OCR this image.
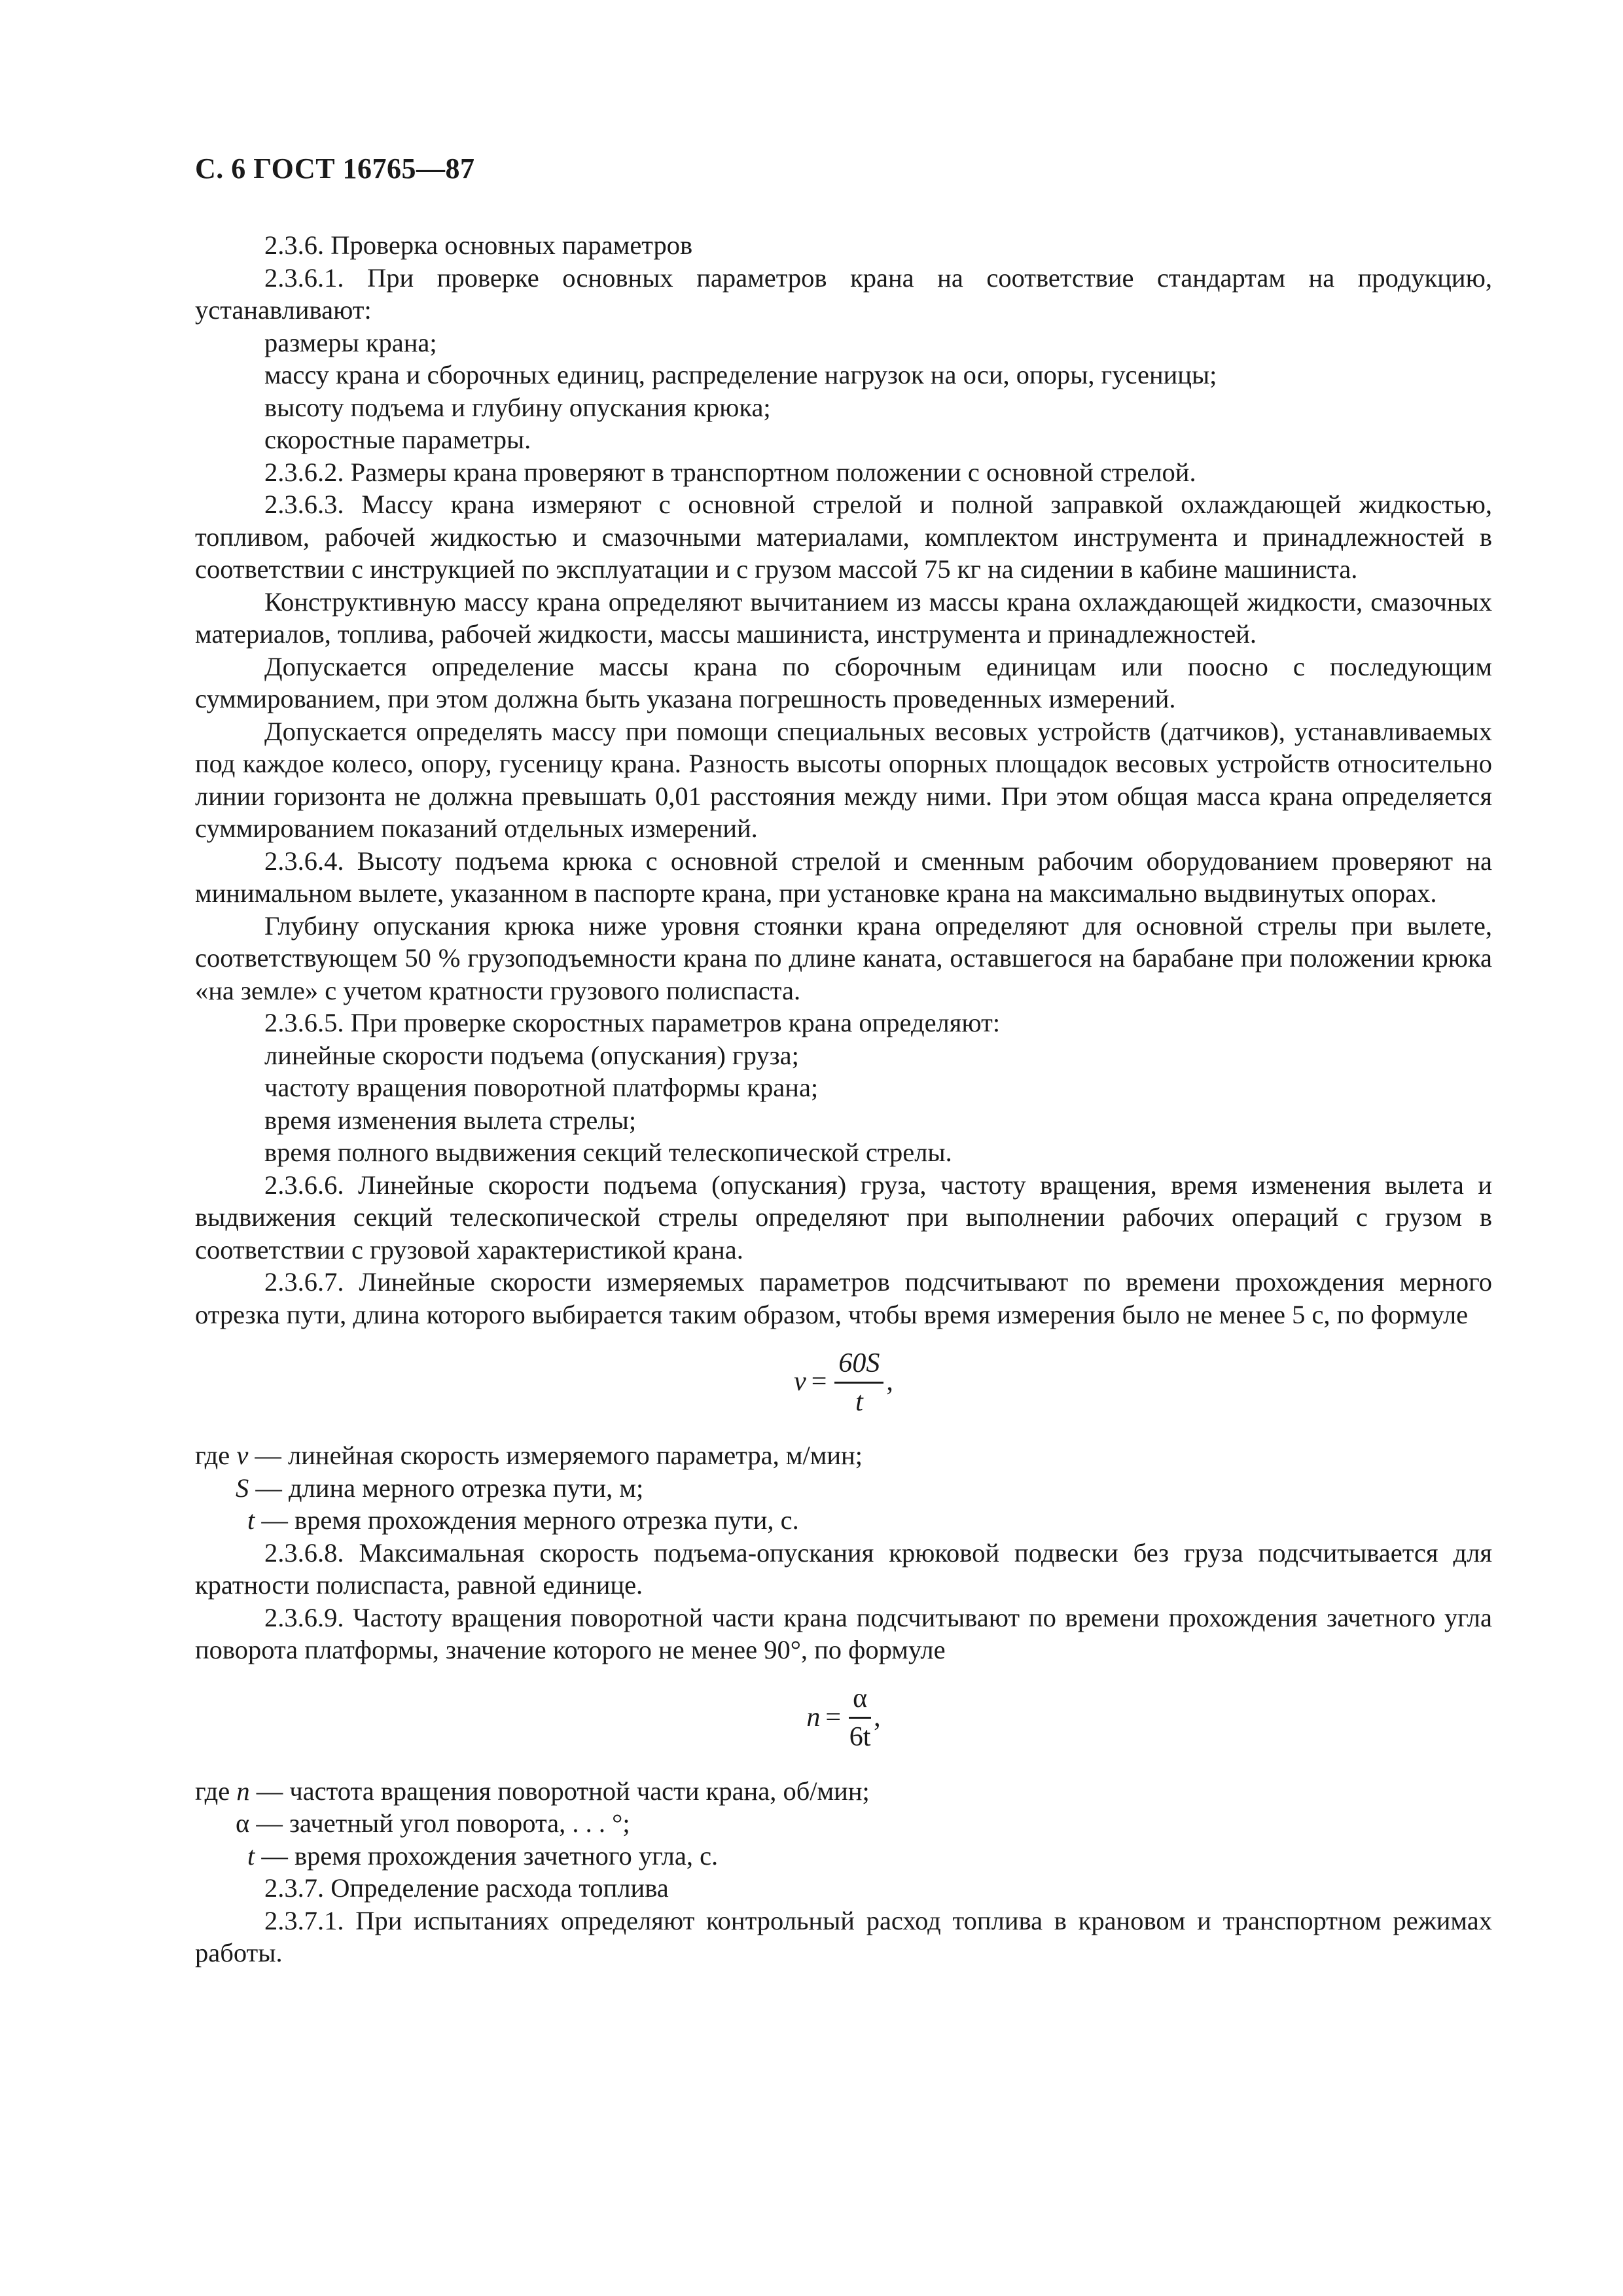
С. 6 ГОСТ 16765—87

2.3.6. Проверка основных параметров

2.3.6.1. При проверке основных параметров крана на соответствие стандартам на продукцию, устанавливают:

размеры крана;

массу крана и сборочных единиц, распределение нагрузок на оси, опоры, гусеницы;

высоту подъема и глубину опускания крюка;

скоростные параметры.

2.3.6.2. Размеры крана проверяют в транспортном положении с основной стрелой.

2.3.6.3. Массу крана измеряют с основной стрелой и полной заправкой охлаждающей жидкостью, топливом, рабочей жидкостью и смазочными материалами, комплектом инструмента и принадлежностей в соответствии с инструкцией по эксплуатации и с грузом массой 75 кг на сидении в кабине машиниста.

Конструктивную массу крана определяют вычитанием из массы крана охлаждающей жидкости, смазочных материалов, топлива, рабочей жидкости, массы машиниста, инструмента и принадлежностей.

Допускается определение массы крана по сборочным единицам или поосно с последующим суммированием, при этом должна быть указана погрешность проведенных измерений.

Допускается определять массу при помощи специальных весовых устройств (датчиков), устанавливаемых под каждое колесо, опору, гусеницу крана. Разность высоты опорных площадок весовых устройств относительно линии горизонта не должна превышать 0,01 расстояния между ними. При этом общая масса крана определяется суммированием показаний отдельных измерений.

2.3.6.4. Высоту подъема крюка с основной стрелой и сменным рабочим оборудованием проверяют на минимальном вылете, указанном в паспорте крана, при установке крана на максимально выдвинутых опорах.

Глубину опускания крюка ниже уровня стоянки крана определяют для основной стрелы при вылете, соответствующем 50 % грузоподъемности крана по длине каната, оставшегося на барабане при положении крюка «на земле» с учетом кратности грузового полиспаста.

2.3.6.5. При проверке скоростных параметров крана определяют:

линейные скорости подъема (опускания) груза;

частоту вращения поворотной платформы крана;

время изменения вылета стрелы;

время полного выдвижения секций телескопической стрелы.

2.3.6.6. Линейные скорости подъема (опускания) груза, частоту вращения, время изменения вылета и выдвижения секций телескопической стрелы определяют при выполнении рабочих операций с грузом в соответствии с грузовой характеристикой крана.

2.3.6.7. Линейные скорости измеряемых параметров подсчитывают по времени прохождения мерного отрезка пути, длина которого выбирается таким образом, чтобы время измерения было не менее 5 с, по формуле

$v = \frac{60S}{t}$ ,

где v — линейная скорость измеряемого параметра, м/мин;

S — длина мерного отрезка пути, м;

t — время прохождения мерного отрезка пути, с.

2.3.6.8. Максимальная скорость подъема-опускания крюковой подвески без груза подсчитывается для кратности полиспаста, равной единице.

2.3.6.9. Частоту вращения поворотной части крана подсчитывают по времени прохождения зачетного угла поворота платформы, значение которого не менее 90°, по формуле

$n = \frac{\alpha}{6t}$ ,

где n — частота вращения поворотной части крана, об/мин;

α — зачетный угол поворота, . . . °;

t — время прохождения зачетного угла, с.

2.3.7. Определение расхода топлива

2.3.7.1. При испытаниях определяют контрольный расход топлива в крановом и транспортном режимах работы.
